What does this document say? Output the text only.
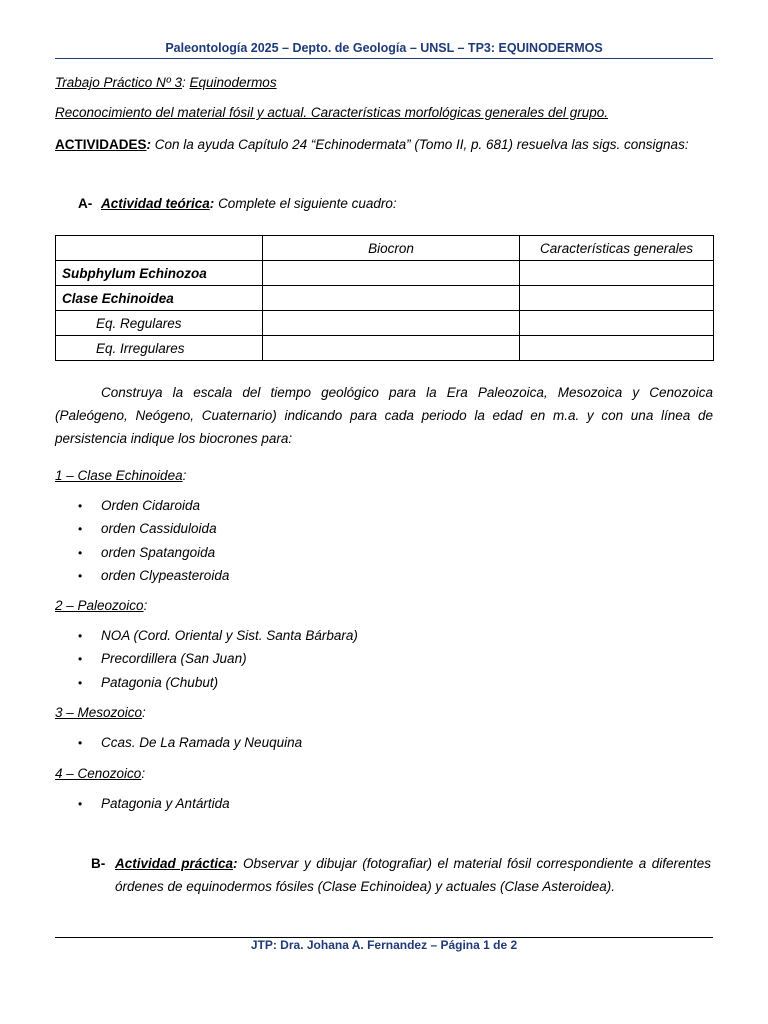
Paleontología 2025 – Depto. de Geología – UNSL – TP3: EQUINODERMOS
Trabajo Práctico Nº 3: Equinodermos
Reconocimiento del material fósil y actual. Características morfológicas generales del grupo.
ACTIVIDADES: Con la ayuda Capítulo 24 “Echinodermata” (Tomo II, p. 681) resuelva las sigs. consignas:
A- Actividad teórica: Complete el siguiente cuadro:
	Biocron	Características generales
Subphylum Echinozoa		
Clase Echinoidea		
Eq. Regulares		
Eq. Irregulares		
Construya la escala del tiempo geológico para la Era Paleozoica, Mesozoica y Cenozoica (Paleógeno, Neógeno, Cuaternario) indicando para cada periodo la edad en m.a. y con una línea de persistencia indique los biocrones para:
1 – Clase Echinoidea:
• Orden Cidaroida
• orden Cassiduloida
• orden Spatangoida
• orden Clypeasteroida
2 – Paleozoico:
• NOA (Cord. Oriental y Sist. Santa Bárbara)
• Precordillera (San Juan)
• Patagonia (Chubut)
3 – Mesozoico:
• Ccas. De La Ramada y Neuquina
4 – Cenozoico:
• Patagonia y Antártida
B- Actividad práctica: Observar y dibujar (fotografiar) el material fósil correspondiente a diferentes órdenes de equinodermos fósiles (Clase Echinoidea) y actuales (Clase Asteroidea).
JTP: Dra. Johana A. Fernandez – Página 1 de 2
